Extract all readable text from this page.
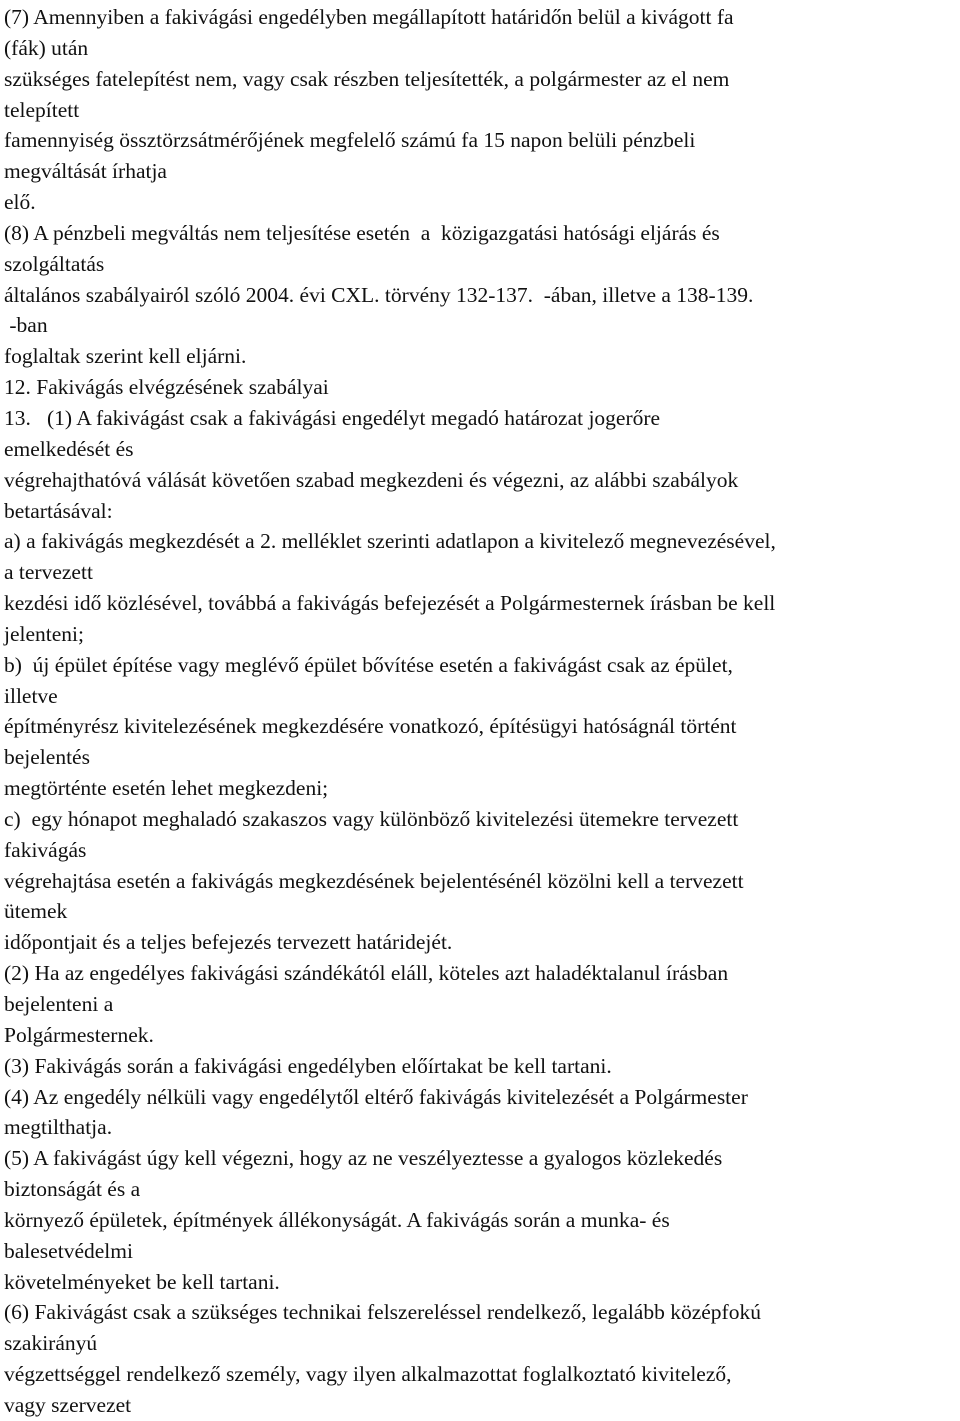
(7) Amennyiben a fakivágási engedélyben megállapított határidőn belül a kivágott fa
(fák) után
szükséges fatelepítést nem, vagy csak részben teljesítették, a polgármester az el nem
telepített
famennyiség össztörzsátmérőjének megfelelő számú fa 15 napon belüli pénzbeli
megváltását írhatja
elő.
(8) A pénzbeli megváltás nem teljesítése esetén  a  közigazgatási hatósági eljárás és
szolgáltatás
általános szabályairól szóló 2004. évi CXL. törvény 132-137.  -ában, illetve a 138-139.
-ban
foglaltak szerint kell eljárni.
12. Fakivágás elvégzésének szabályai
13.   (1) A fakivágást csak a fakivágási engedélyt megadó határozat jogerőre
emelkedését és
végrehajthatóvá válását követően szabad megkezdeni és végezni, az alábbi szabályok
betartásával:
a) a fakivágás megkezdését a 2. melléklet szerinti adatlapon a kivitelező megnevezésével,
a tervezett
kezdési idő közlésével, továbbá a fakivágás befejezését a Polgármesternek írásban be kell
jelenteni;
b)  új épület építése vagy meglévő épület bővítése esetén a fakivágást csak az épület,
illetve
építményrész kivitelezésének megkezdésére vonatkozó, építésügyi hatóságnál történt
bejelentés
megtörténte esetén lehet megkezdeni;
c)  egy hónapot meghaladó szakaszos vagy különböző kivitelezési ütemekre tervezett
fakivágás
végrehajtása esetén a fakivágás megkezdésének bejelentésénél közölni kell a tervezett
ütemek
időpontjait és a teljes befejezés tervezett határidejét.
(2) Ha az engedélyes fakivágási szándékától eláll, köteles azt haladéktalanul írásban
bejelenteni a
Polgármesternek.
(3) Fakivágás során a fakivágási engedélyben előírtakat be kell tartani.
(4) Az engedély nélküli vagy engedélytől eltérő fakivágás kivitelezését a Polgármester
megtilthatja.
(5) A fakivágást úgy kell végezni, hogy az ne veszélyeztesse a gyalogos közlekedés
biztonságát és a
környező épületek, építmények állékonyságát. A fakivágás során a munka- és
balesetvédelmi
követelményeket be kell tartani.
(6) Fakivágást csak a szükséges technikai felszereléssel rendelkező, legalább középfokú
szakirányú
végzettséggel rendelkező személy, vagy ilyen alkalmazottat foglalkoztató kivitelező,
vagy szervezet
